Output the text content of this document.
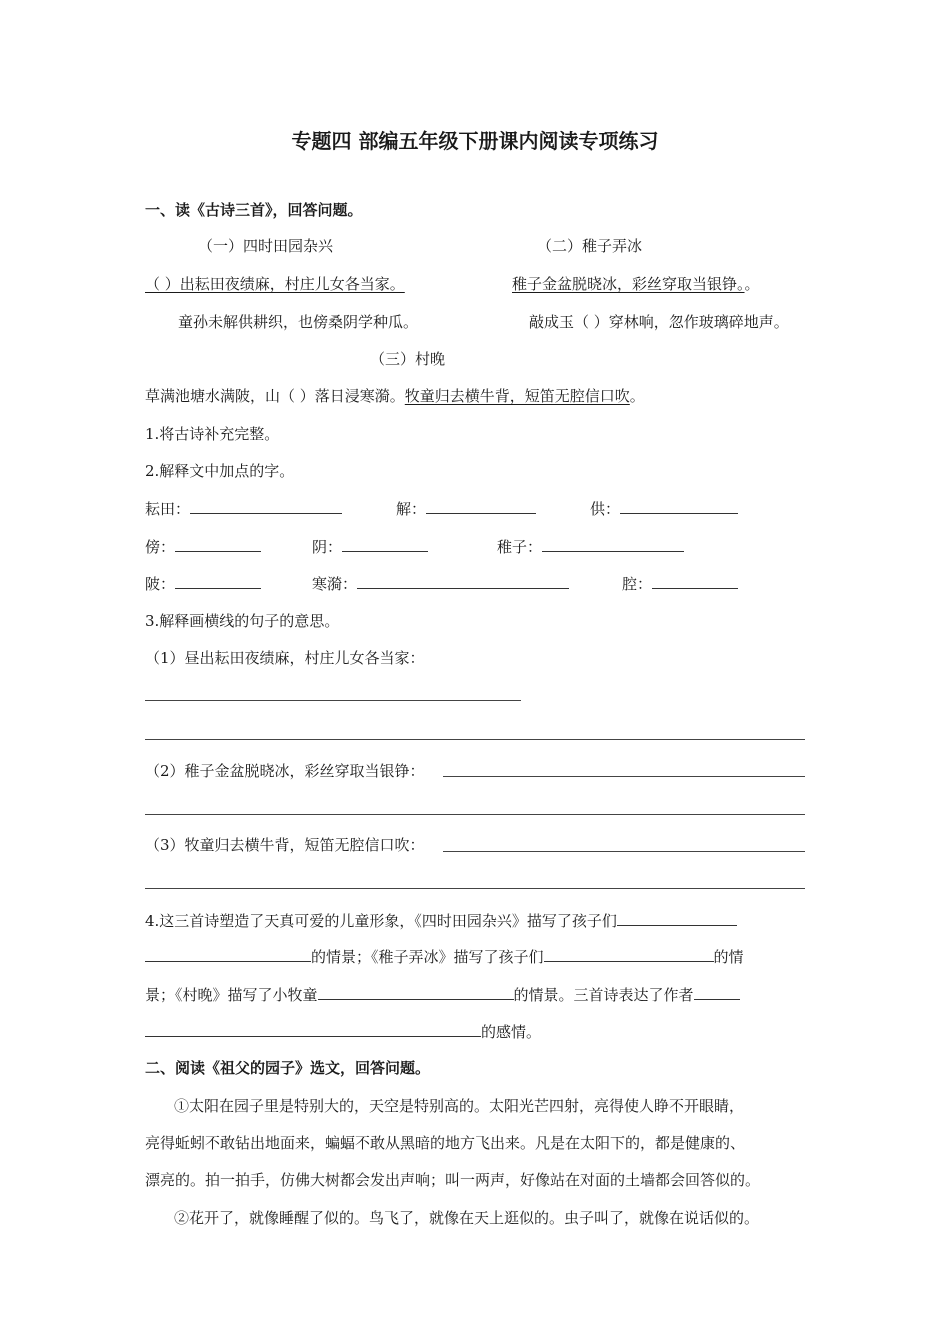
专题四 部编五年级下册课内阅读专项练习
一、读《古诗三首》，回答问题。
（一）四时田园杂兴	（二）稚子弄冰
（ ）出耘田夜绩麻，村庄儿女各当家。	稚子金盆脱晓冰，彩丝穿取当银铮。。
童孙未解供耕织，也傍桑阴学种瓜。	敲成玉（ ）穿林响，忽作玻璃碎地声。
（三）村晚
草满池塘水满陂，山（ ）落日浸寒漪。牧童归去横牛背，短笛无腔信口吹。
1.将古诗补充完整。
2.解释文中加点的字。
耘田：	解：	供：
傍：	阴：	稚子：
陂：	寒漪：	腔：
3.解释画横线的句子的意思。
（1）昼出耘田夜绩麻，村庄儿女各当家：
（2）稚子金盆脱晓冰，彩丝穿取当银铮：
（3）牧童归去横牛背，短笛无腔信口吹：
4.这三首诗塑造了天真可爱的儿童形象，《四时田园杂兴》描写了孩子们
的情景；《稚子弄冰》描写了孩子们	的情
景；《村晚》描写了小牧童	的情景。三首诗表达了作者
的感情。
二、阅读《祖父的园子》选文，回答问题。
①太阳在园子里是特别大的，天空是特别高的。太阳光芒四射，亮得使人睁不开眼睛，
亮得蚯蚓不敢钻出地面来，蝙蝠不敢从黑暗的地方飞出来。凡是在太阳下的，都是健康的、
漂亮的。拍一拍手，仿佛大树都会发出声响；叫一两声，好像站在对面的土墙都会回答似的。
②花开了，就像睡醒了似的。鸟飞了，就像在天上逛似的。虫子叫了，就像在说话似的。
